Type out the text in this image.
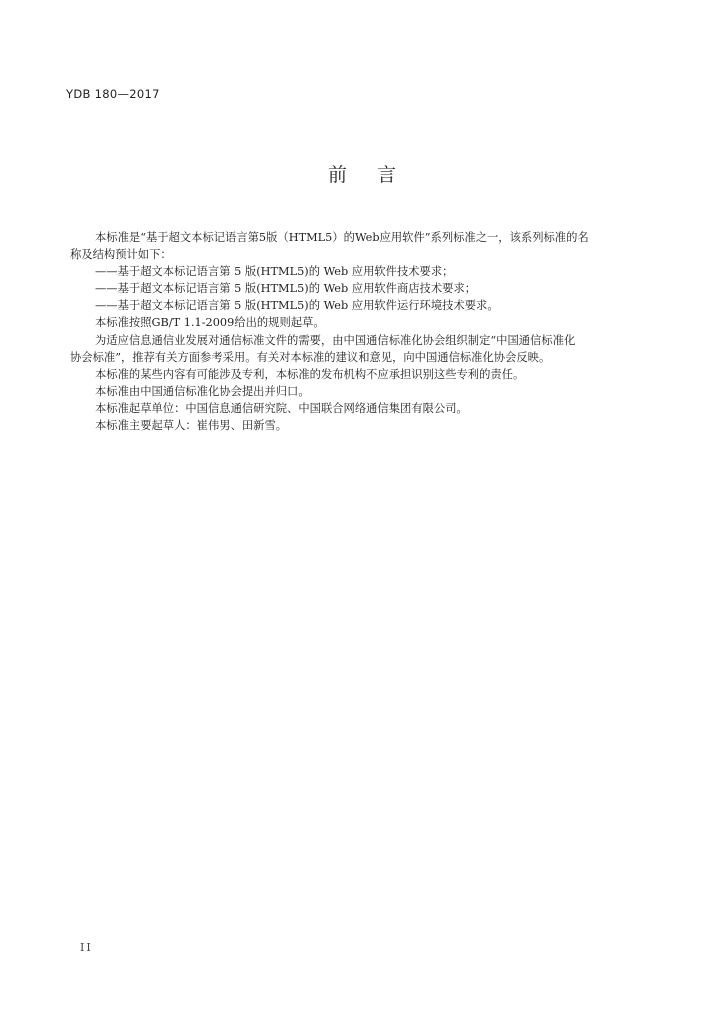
YDB 180—2017
前言
本标准是“基于超文本标记语言第5版（HTML5）的Web应用软件”系列标准之一，该系列标准的名
称及结构预计如下：
——基于超文本标记语言第 5 版(HTML5)的 Web 应用软件技术要求；
——基于超文本标记语言第 5 版(HTML5)的 Web 应用软件商店技术要求；
——基于超文本标记语言第 5 版(HTML5)的 Web 应用软件运行环境技术要求。
本标准按照GB/T 1.1-2009给出的规则起草。
为适应信息通信业发展对通信标准文件的需要，由中国通信标准化协会组织制定“中国通信标准化
协会标准”，推荐有关方面参考采用。有关对本标准的建议和意见，向中国通信标准化协会反映。
本标准的某些内容有可能涉及专利，本标准的发布机构不应承担识别这些专利的责任。
本标准由中国通信标准化协会提出并归口。
本标准起草单位：中国信息通信研究院、中国联合网络通信集团有限公司。
本标准主要起草人：崔伟男、田新雪。
II
